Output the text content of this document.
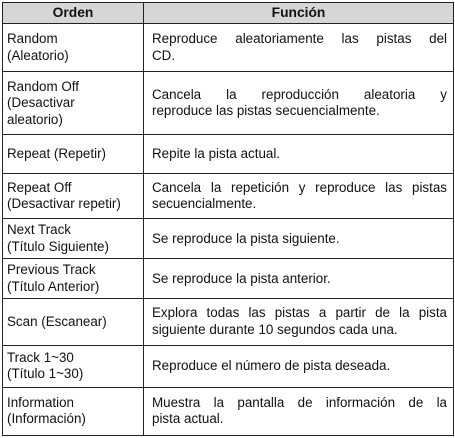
Orden	Función

Random
(Aleatorio)	Reproduce aleatoriamente las pistas del
CD.

Random Off
(Desactivar
aleatorio)	Cancela la reproducción aleatoria y
reproduce las pistas secuencialmente.

Repeat (Repetir)	Repite la pista actual.

Repeat Off
(Desactivar repetir)	Cancela la repetición y reproduce las pistas
secuencialmente.

Next Track
(Título Siguiente)	Se reproduce la pista siguiente.

Previous Track
(Título Anterior)	Se reproduce la pista anterior.

Scan (Escanear)	Explora todas las pistas a partir de la pista
siguiente durante 10 segundos cada una.

Track 1~30
(Título 1~30)	Reproduce el número de pista deseada.

Information
(Información)	Muestra la pantalla de información de la
pista actual.
